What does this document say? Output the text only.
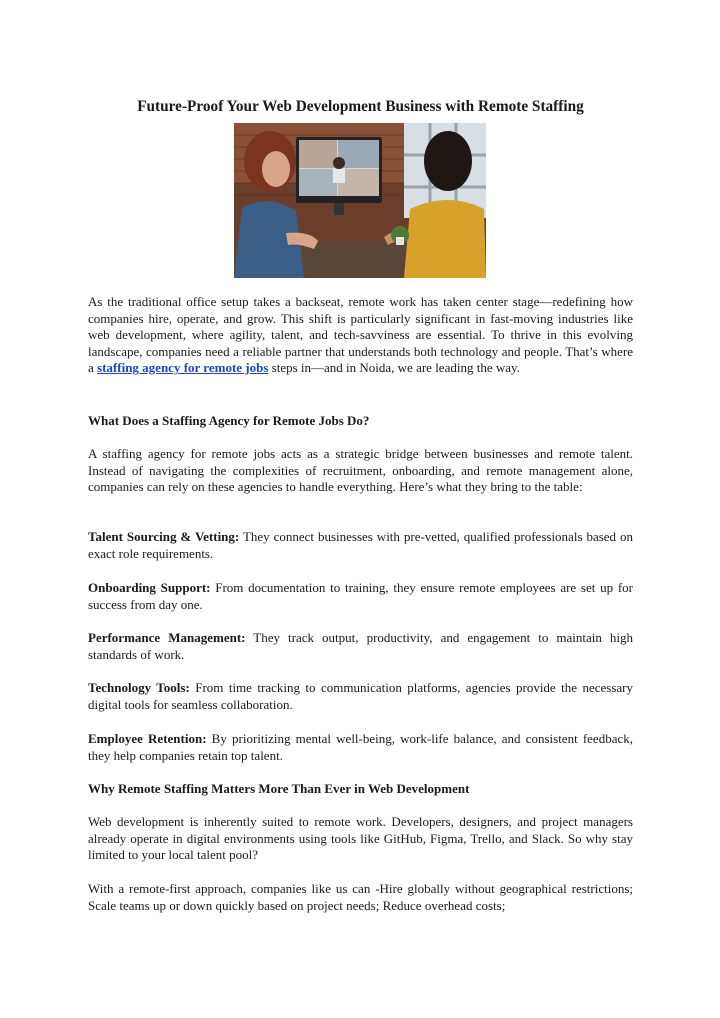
Future-Proof Your Web Development Business with Remote Staffing

As the traditional office setup takes a backseat, remote work has taken center stage—redefining how companies hire, operate, and grow. This shift is particularly significant in fast-moving industries like web development, where agility, talent, and tech-savviness are essential. To thrive in this evolving landscape, companies need a reliable partner that understands both technology and people. That’s where a staffing agency for remote jobs steps in—and in Noida, we are leading the way.

What Does a Staffing Agency for Remote Jobs Do?

A staffing agency for remote jobs acts as a strategic bridge between businesses and remote talent. Instead of navigating the complexities of recruitment, onboarding, and remote management alone, companies can rely on these agencies to handle everything. Here’s what they bring to the table:

Talent Sourcing & Vetting: They connect businesses with pre-vetted, qualified professionals based on exact role requirements.

Onboarding Support: From documentation to training, they ensure remote employees are set up for success from day one.

Performance Management: They track output, productivity, and engagement to maintain high standards of work.

Technology Tools: From time tracking to communication platforms, agencies provide the necessary digital tools for seamless collaboration.

Employee Retention: By prioritizing mental well-being, work-life balance, and consistent feedback, they help companies retain top talent.

Why Remote Staffing Matters More Than Ever in Web Development

Web development is inherently suited to remote work. Developers, designers, and project managers already operate in digital environments using tools like GitHub, Figma, Trello, and Slack. So why stay limited to your local talent pool?

With a remote-first approach, companies like us can -Hire globally without geographical restrictions; Scale teams up or down quickly based on project needs; Reduce overhead costs;
